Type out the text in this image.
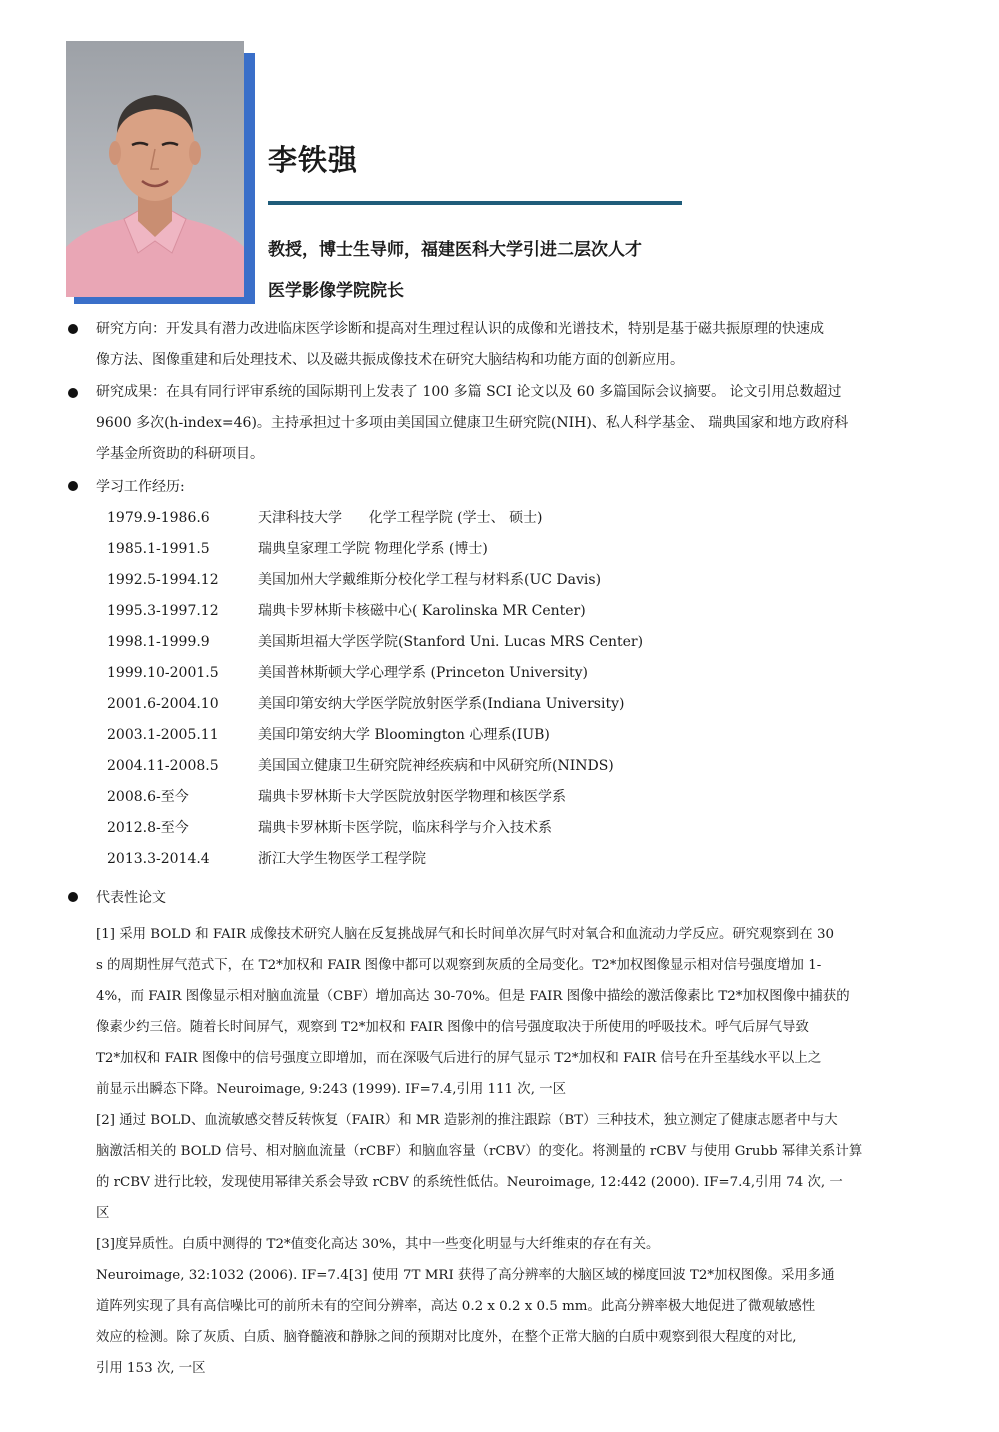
李铁强
教授，博士生导师，福建医科大学引进二层次人才
医学影像学院院长
研究方向：开发具有潜力改进临床医学诊断和提高对生理过程认识的成像和光谱技术，特别是基于磁共振原理的快速成
像方法、图像重建和后处理技术、以及磁共振成像技术在研究大脑结构和功能方面的创新应用。
研究成果：在具有同行评审系统的国际期刊上发表了 100 多篇 SCI 论文以及 60 多篇国际会议摘要。 论文引用总数超过
9600 多次(h-index=46)。主持承担过十多项由美国国立健康卫生研究院(NIH)、私人科学基金、 瑞典国家和地方政府科
学基金所资助的科研项目。
学习工作经历:
1979.9-1986.6	天津科技大学      化学工程学院 (学士、 硕士)
1985.1-1991.5	瑞典皇家理工学院 物理化学系 (博士)
1992.5-1994.12	美国加州大学戴维斯分校化学工程与材料系(UC Davis)
1995.3-1997.12	瑞典卡罗林斯卡核磁中心( Karolinska MR Center)
1998.1-1999.9	美国斯坦福大学医学院(Stanford Uni. Lucas MRS Center)
1999.10-2001.5	美国普林斯顿大学心理学系 (Princeton University)
2001.6-2004.10	美国印第安纳大学医学院放射医学系(Indiana University)
2003.1-2005.11	美国印第安纳大学 Bloomington 心理系(IUB)
2004.11-2008.5	美国国立健康卫生研究院神经疾病和中风研究所(NINDS)
2008.6-至今	瑞典卡罗林斯卡大学医院放射医学物理和核医学系
2012.8-至今	瑞典卡罗林斯卡医学院，临床科学与介入技术系
2013.3-2014.4	浙江大学生物医学工程学院
代表性论文
[1] 采用 BOLD 和 FAIR 成像技术研究人脑在反复挑战屏气和长时间单次屏气时对氧合和血流动力学反应。研究观察到在 30
s 的周期性屏气范式下，在 T2*加权和 FAIR 图像中都可以观察到灰质的全局变化。T2*加权图像显示相对信号强度增加 1-
4%，而 FAIR 图像显示相对脑血流量（CBF）增加高达 30-70%。但是 FAIR 图像中描绘的激活像素比 T2*加权图像中捕获的
像素少约三倍。随着长时间屏气，观察到 T2*加权和 FAIR 图像中的信号强度取决于所使用的呼吸技术。呼气后屏气导致
T2*加权和 FAIR 图像中的信号强度立即增加，而在深吸气后进行的屏气显示 T2*加权和 FAIR 信号在升至基线水平以上之
前显示出瞬态下降。Neuroimage, 9:243 (1999). IF=7.4,引用 111 次, 一区
[2] 通过 BOLD、血流敏感交替反转恢复（FAIR）和 MR 造影剂的推注跟踪（BT）三种技术，独立测定了健康志愿者中与大
脑激活相关的 BOLD 信号、相对脑血流量（rCBF）和脑血容量（rCBV）的变化。将测量的 rCBV 与使用 Grubb 幂律关系计算
的 rCBV 进行比较，发现使用幂律关系会导致 rCBV 的系统性低估。Neuroimage, 12:442 (2000). IF=7.4,引用 74 次, 一
区
[3]度异质性。白质中测得的 T2*值变化高达 30%，其中一些变化明显与大纤维束的存在有关。
Neuroimage, 32:1032 (2006). IF=7.4[3] 使用 7T MRI 获得了高分辨率的大脑区域的梯度回波 T2*加权图像。采用多通
道阵列实现了具有高信噪比可的前所未有的空间分辨率，高达 0.2 x 0.2 x 0.5 mm。此高分辨率极大地促进了微观敏感性
效应的检测。除了灰质、白质、脑脊髓液和静脉之间的预期对比度外，在整个正常大脑的白质中观察到很大程度的对比,
引用 153 次, 一区
